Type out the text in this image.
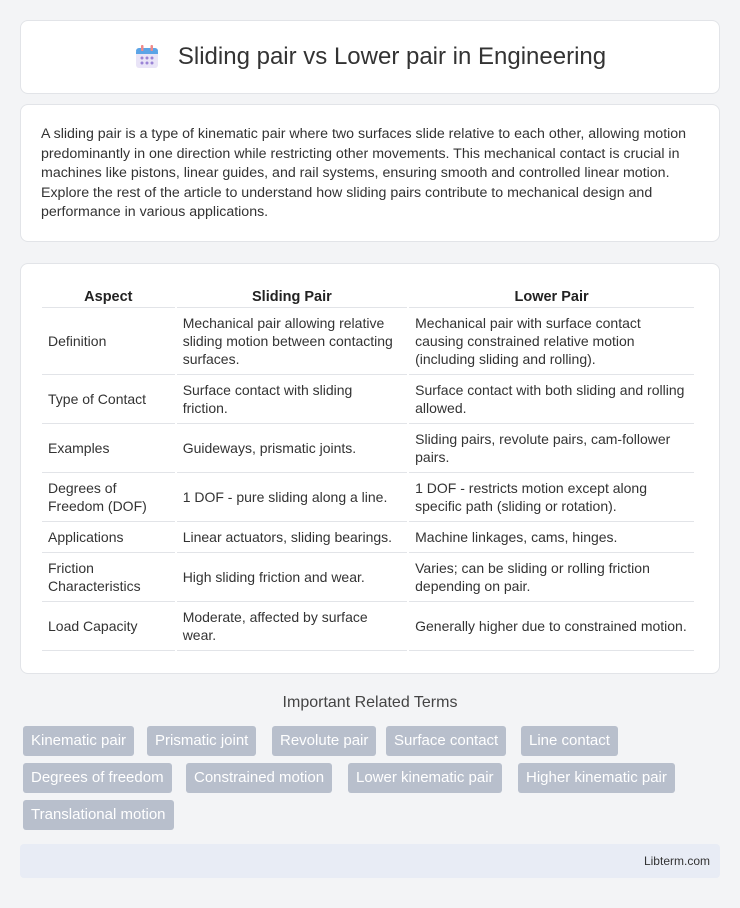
Sliding pair vs Lower pair in Engineering

A sliding pair is a type of kinematic pair where two surfaces slide relative to each other, allowing motion predominantly in one direction while restricting other movements. This mechanical contact is crucial in machines like pistons, linear guides, and rail systems, ensuring smooth and controlled linear motion. Explore the rest of the article to understand how sliding pairs contribute to mechanical design and performance in various applications.

Aspect	Sliding Pair	Lower Pair
Definition	Mechanical pair allowing relative sliding motion between contacting surfaces.	Mechanical pair with surface contact causing constrained relative motion (including sliding and rolling).
Type of Contact	Surface contact with sliding friction.	Surface contact with both sliding and rolling allowed.
Examples	Guideways, prismatic joints.	Sliding pairs, revolute pairs, cam-follower pairs.
Degrees of Freedom (DOF)	1 DOF - pure sliding along a line.	1 DOF - restricts motion except along specific path (sliding or rotation).
Applications	Linear actuators, sliding bearings.	Machine linkages, cams, hinges.
Friction Characteristics	High sliding friction and wear.	Varies; can be sliding or rolling friction depending on pair.
Load Capacity	Moderate, affected by surface wear.	Generally higher due to constrained motion.
Important Related Terms
Kinematic pair	Prismatic joint	Revolute pair	Surface contact	Line contact
Degrees of freedom	Constrained motion	Lower kinematic pair	Higher kinematic pair
Translational motion
Libterm.com
